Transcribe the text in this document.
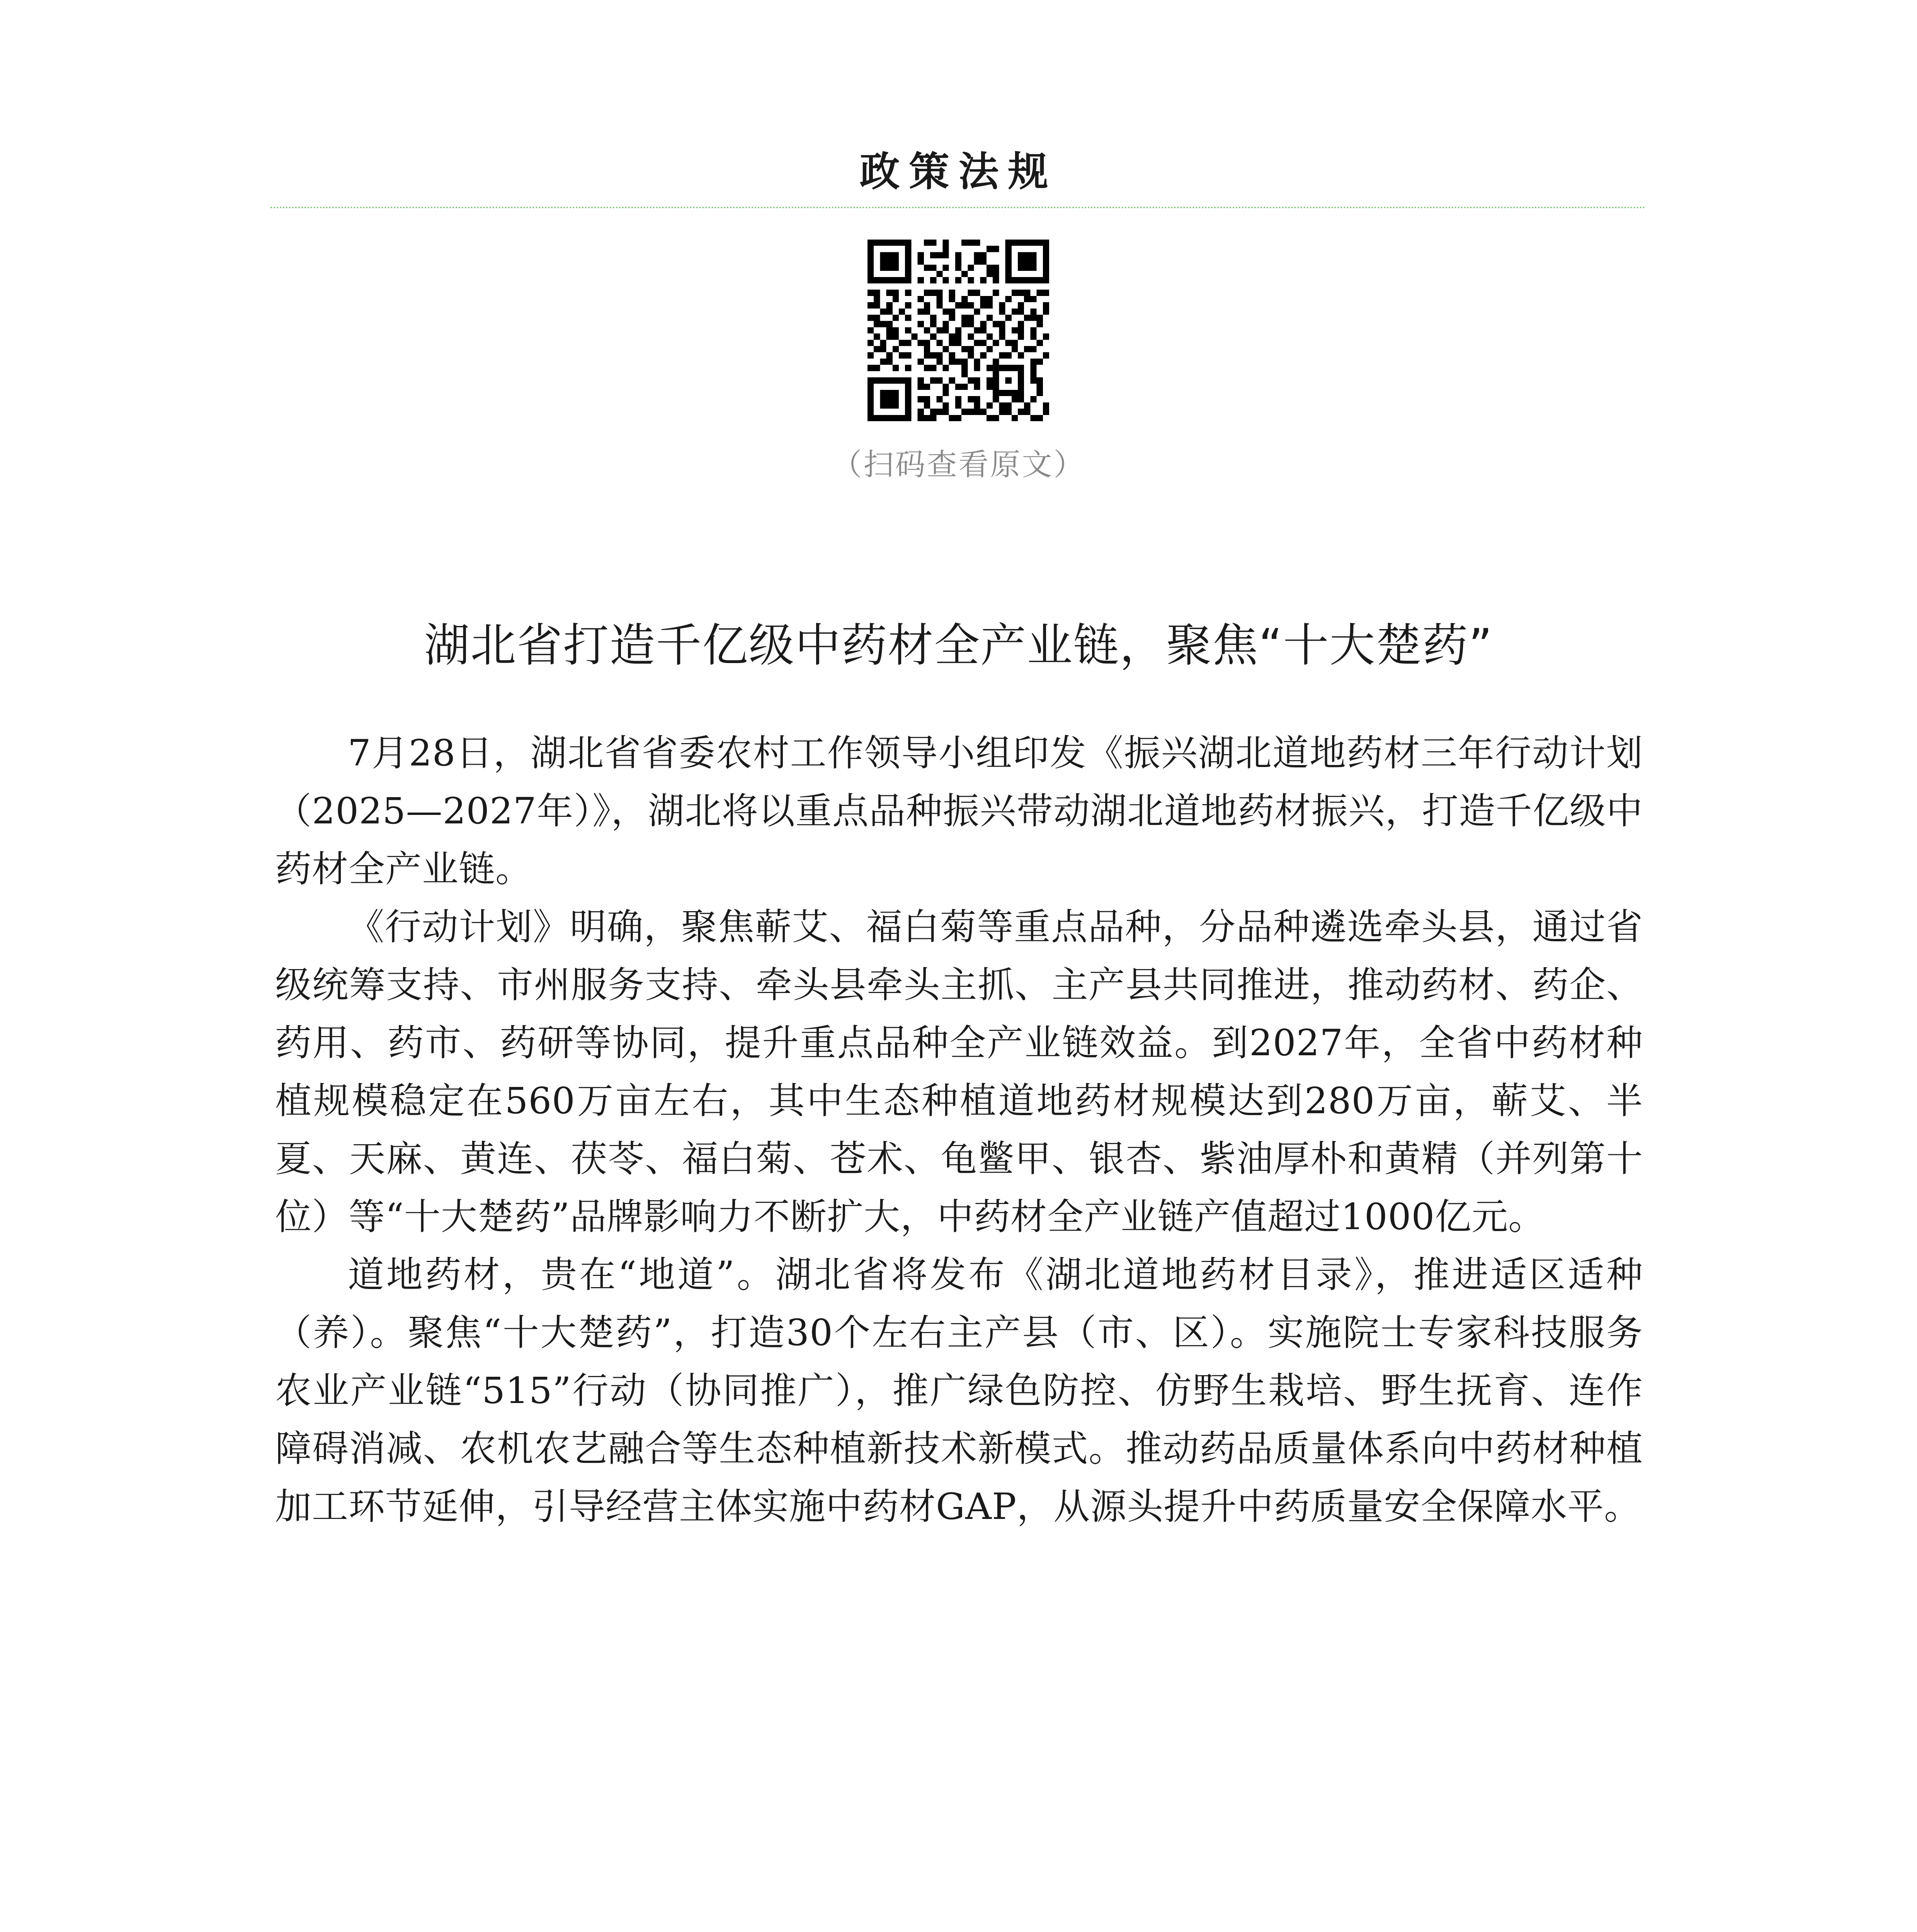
政策法规
（扫码查看原文）
湖北省打造千亿级中药材全产业链，聚焦“十大楚药”

7月28日，湖北省省委农村工作领导小组印发《振兴湖北道地药材三年行动计划（2025—2027年）》，湖北将以重点品种振兴带动湖北道地药材振兴，打造千亿级中药材全产业链。

《行动计划》明确，聚焦蕲艾、福白菊等重点品种，分品种遴选牵头县，通过省级统筹支持、市州服务支持、牵头县牵头主抓、主产县共同推进，推动药材、药企、药用、药市、药研等协同，提升重点品种全产业链效益。到2027年，全省中药材种植规模稳定在560万亩左右，其中生态种植道地药材规模达到280万亩，蕲艾、半夏、天麻、黄连、茯苓、福白菊、苍术、龟鳖甲、银杏、紫油厚朴和黄精（并列第十位）等“十大楚药”品牌影响力不断扩大，中药材全产业链产值超过1000亿元。

道地药材，贵在“地道”。湖北省将发布《湖北道地药材目录》，推进适区适种（养）。聚焦“十大楚药”，打造30个左右主产县（市、区）。实施院士专家科技服务农业产业链“515”行动（协同推广），推广绿色防控、仿野生栽培、野生抚育、连作障碍消减、农机农艺融合等生态种植新技术新模式。推动药品质量体系向中药材种植加工环节延伸，引导经营主体实施中药材GAP，从源头提升中药质量安全保障水平。
